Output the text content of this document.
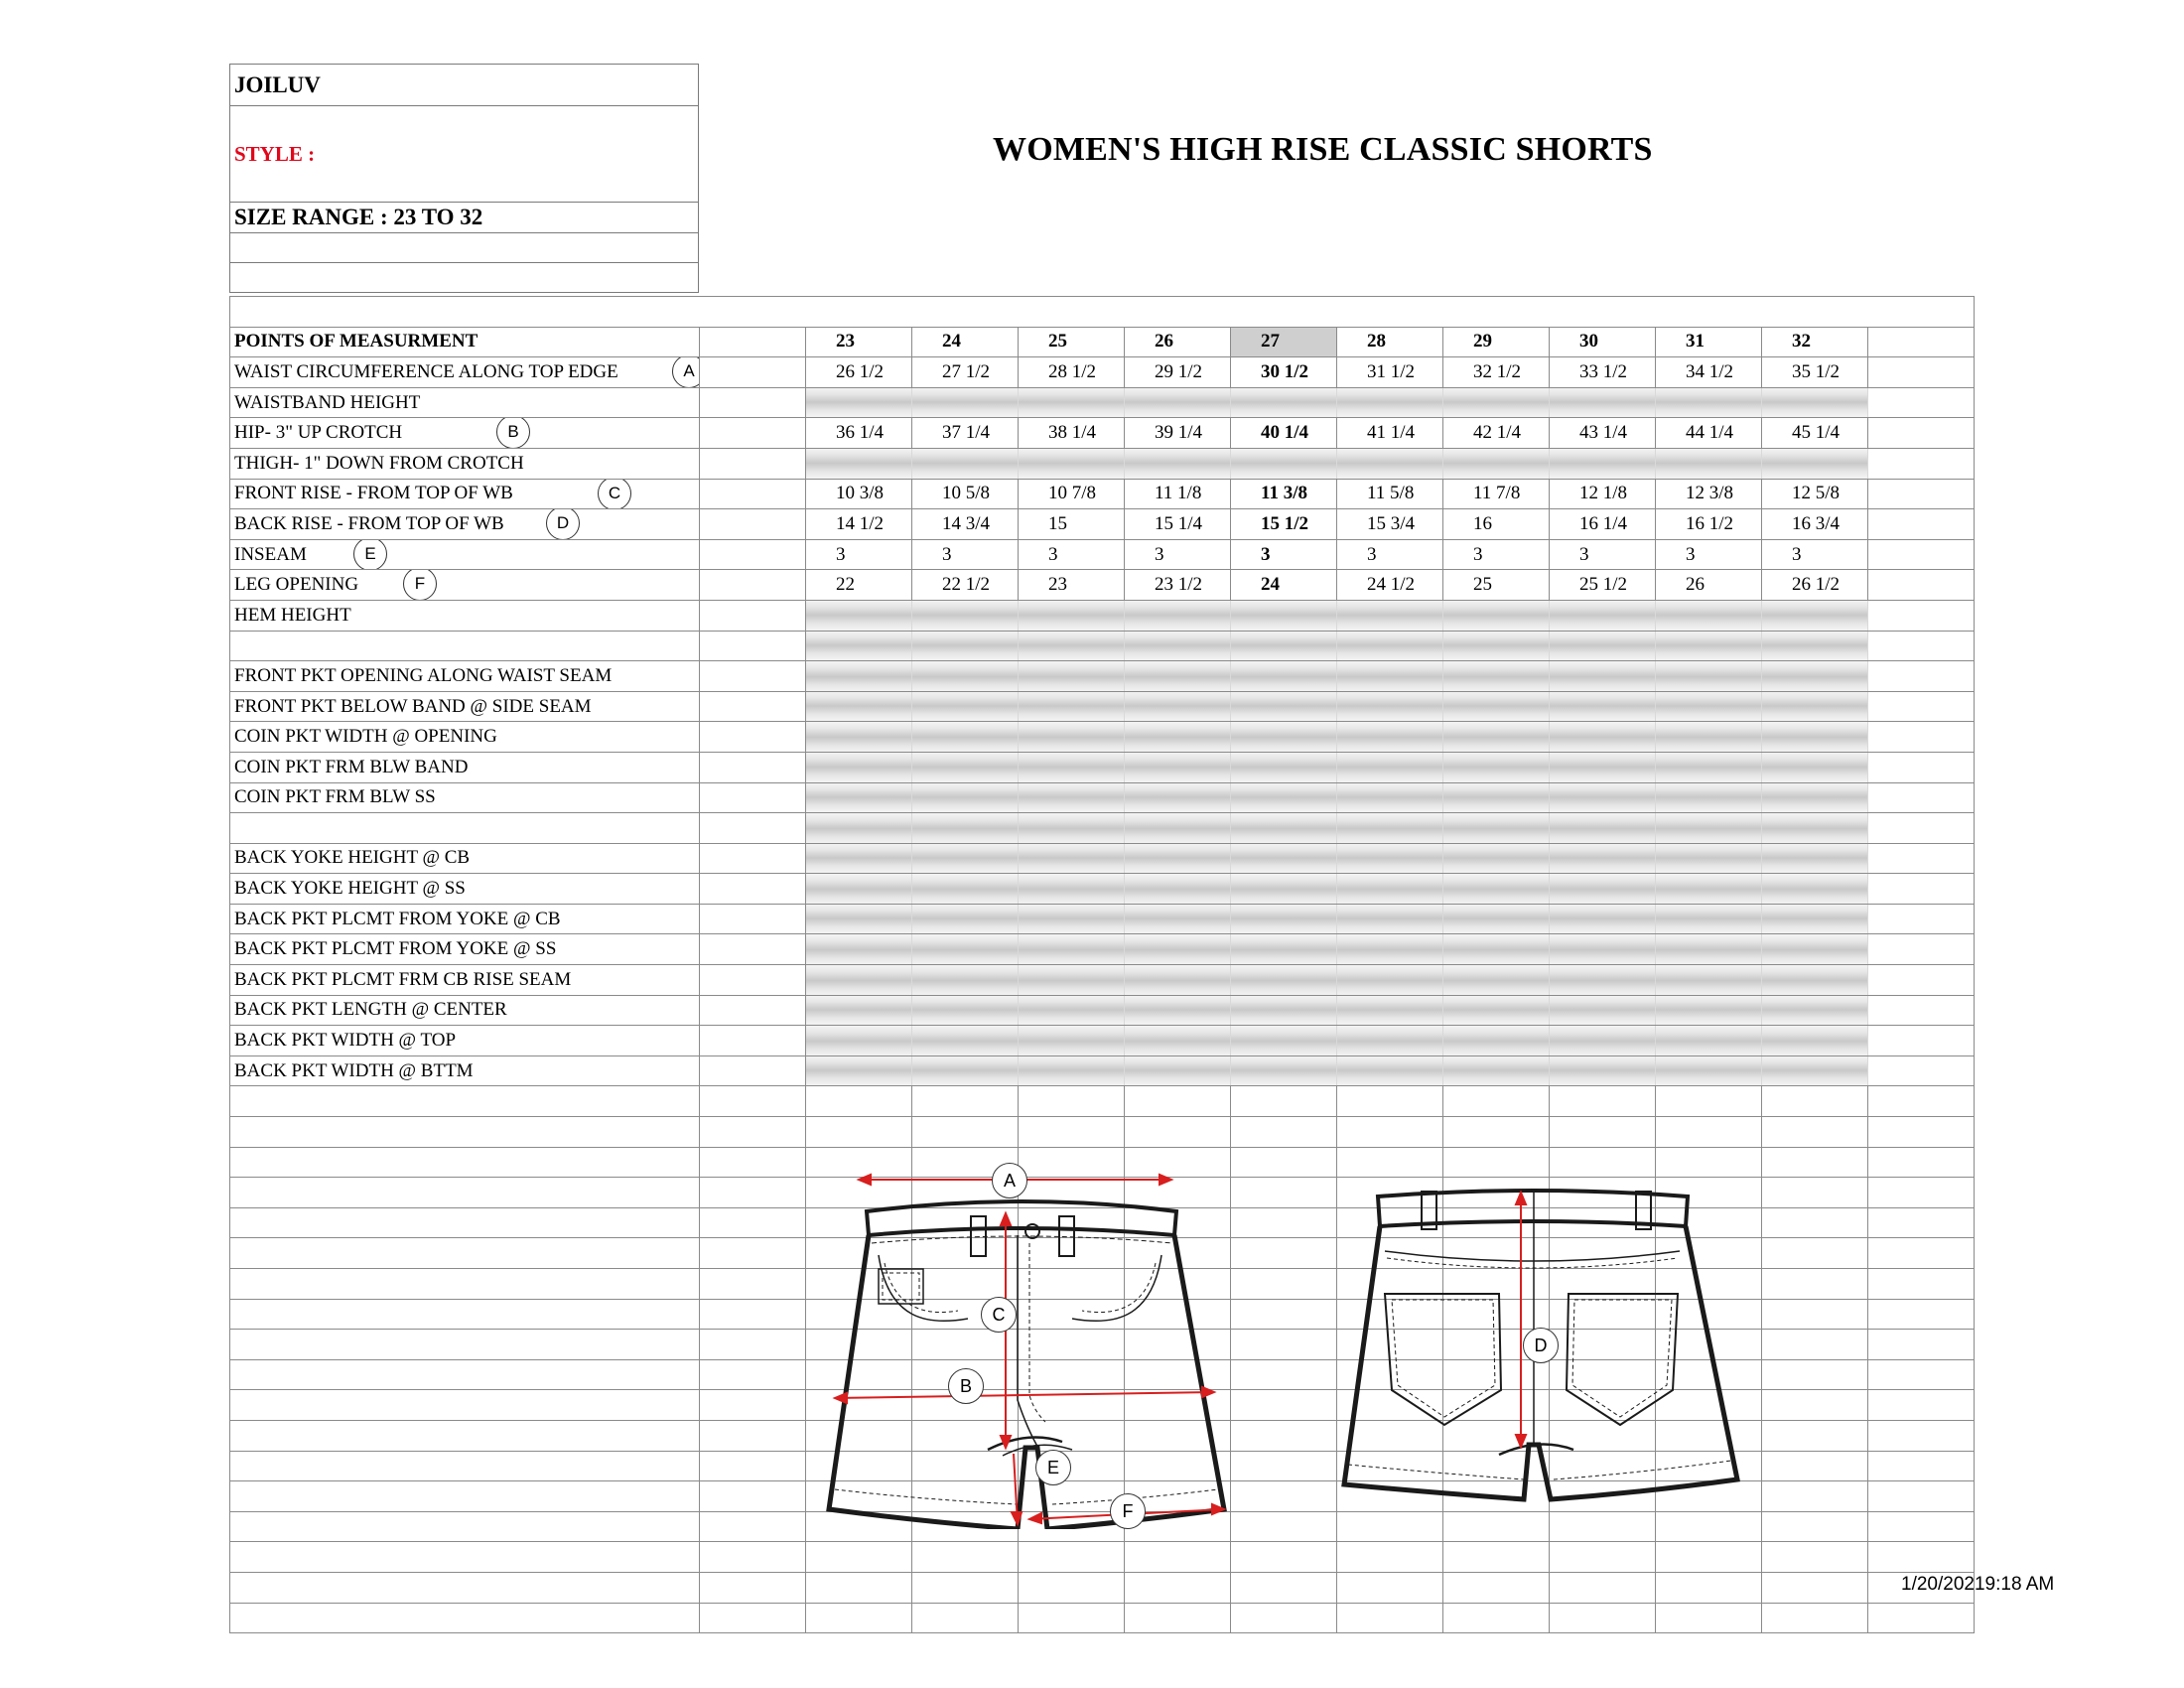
JOILUV
STYLE :
SIZE RANGE : 23 TO 32

WOMEN'S HIGH RISE CLASSIC SHORTS

POINTS OF MEASURMENT		23	24	25	26	27	28	29	30	31	32	
WAIST CIRCUMFERENCE ALONG TOP EDGE A		26 1/2	27 1/2	28 1/2	29 1/2	30 1/2	31 1/2	32 1/2	33 1/2	34 1/2	35 1/2	
WAISTBAND HEIGHT												
HIP- 3" UP CROTCH B		36 1/4	37 1/4	38 1/4	39 1/4	40 1/4	41 1/4	42 1/4	43 1/4	44 1/4	45 1/4	
THIGH- 1" DOWN FROM CROTCH												
FRONT RISE - FROM TOP OF WB C		10 3/8	10 5/8	10 7/8	11 1/8	11 3/8	11 5/8	11 7/8	12 1/8	12 3/8	12 5/8	
BACK RISE - FROM TOP OF WB D		14 1/2	14 3/4	15	15 1/4	15 1/2	15 3/4	16	16 1/4	16 1/2	16 3/4	
INSEAM E		3	3	3	3	3	3	3	3	3	3	
LEG OPENING F		22	22 1/2	23	23 1/2	24	24 1/2	25	25 1/2	26	26 1/2	
HEM HEIGHT												

FRONT PKT OPENING ALONG WAIST SEAM												
FRONT PKT BELOW BAND @ SIDE SEAM												
COIN PKT WIDTH @ OPENING												
COIN PKT FRM BLW BAND												
COIN PKT FRM BLW SS												

BACK YOKE HEIGHT @ CB												
BACK YOKE HEIGHT @ SS												
BACK PKT PLCMT FROM YOKE @ CB												
BACK PKT PLCMT FROM YOKE @ SS												
BACK PKT PLCMT FRM CB RISE SEAM												
BACK PKT LENGTH @ CENTER												
BACK PKT WIDTH @ TOP												
BACK PKT WIDTH @ BTTM												

A
C
B
E
F
D
1/20/20219:18 AM
